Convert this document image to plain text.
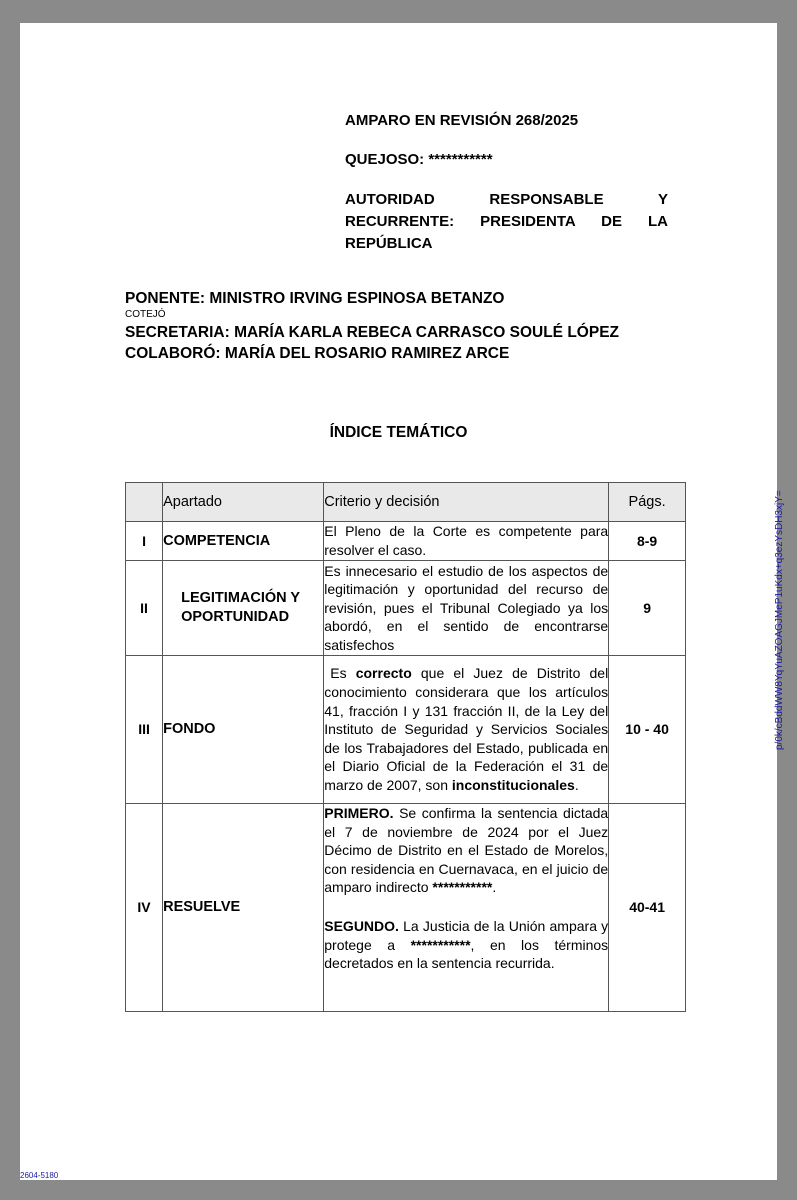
AMPARO EN REVISIÓN 268/2025
QUEJOSO: ***********
AUTORIDAD RESPONSABLE Y RECURRENTE: PRESIDENTA DE LA REPÚBLICA
PONENTE: MINISTRO IRVING ESPINOSA BETANZO
COTEJÓ
SECRETARIA: MARÍA KARLA REBECA CARRASCO SOULÉ LÓPEZ
COLABORÓ: MARÍA DEL ROSARIO RAMIREZ ARCE
ÍNDICE TEMÁTICO
	Apartado	Criterio y decisión	Págs.
I	COMPETENCIA	El Pleno de la Corte es competente para resolver el caso.	8-9
II	LEGITIMACIÓN Y OPORTUNIDAD	Es innecesario el estudio de los aspectos de legitimación y oportunidad del recurso de revisión, pues el Tribunal Colegiado ya los abordó, en el sentido de encontrarse satisfechos	9
III	FONDO	Es correcto que el Juez de Distrito del conocimiento considerara que los artículos 41, fracción I y 131 fracción II, de la Ley del Instituto de Seguridad y Servicios Sociales de los Trabajadores del Estado, publicada en el Diario Oficial de la Federación el 31 de marzo de 2007, son inconstitucionales.	10 - 40
IV	RESUELVE	PRIMERO. Se confirma la sentencia dictada el 7 de noviembre de 2024 por el Juez Décimo de Distrito en el Estado de Morelos, con residencia en Cuernavaca, en el juicio de amparo indirecto ***********.

SEGUNDO. La Justicia de la Unión ampara y protege a ***********, en los términos decretados en la sentencia recurrida.	40-41
2604-5180
p/0k/cBddWW8YqYuAZOAGJMeP1uKdx+q3ezYsDH3xjY=
